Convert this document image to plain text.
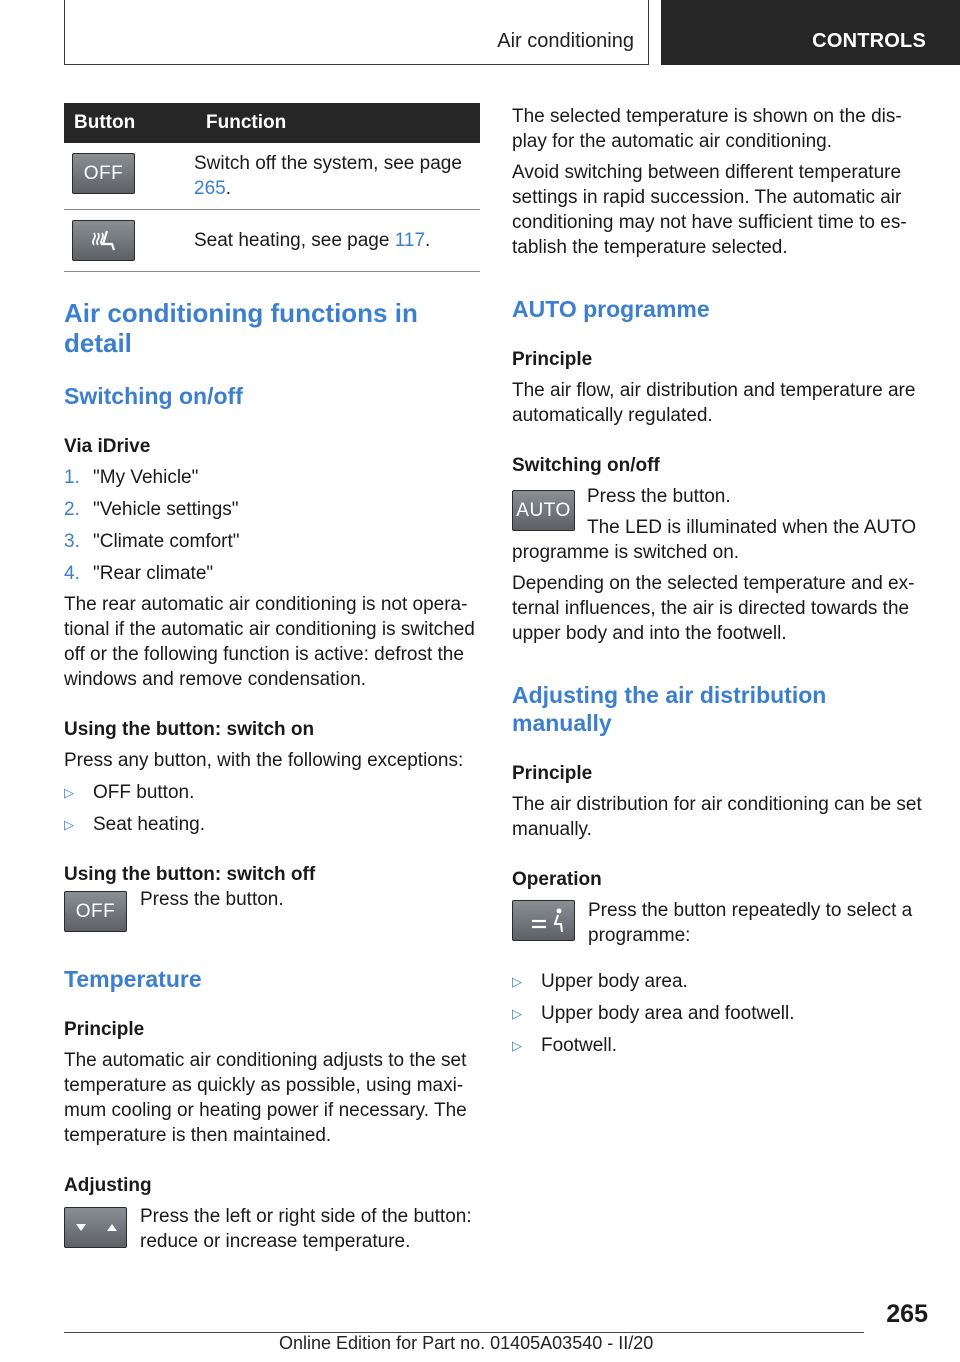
Air conditioning	CONTROLS
Button	Function

OFF	Switch off the system, see page 265.

	Seat heating, see page 117.
Air conditioning functions in detail
Switching on/off
Via iDrive
1. "My Vehicle"
2. "Vehicle settings"
3. "Climate comfort"
4. "Rear climate"

The rear automatic air conditioning is not operational if the automatic air conditioning is switched off or the following function is active: defrost the windows and remove condensation.

Using the button: switch on

Press any button, with the following exceptions:

▷	OFF button.
▷	Seat heating.
Using the button: switch off
OFF

Press the button.

Temperature
Principle

The automatic air conditioning adjusts to the set temperature as quickly as possible, using maximum cooling or heating power if necessary. The temperature is then maintained.

Adjusting

Press the left or right side of the button: reduce or increase temperature.

The selected temperature is shown on the display for the automatic air conditioning.

Avoid switching between different temperature settings in rapid succession. The automatic air conditioning may not have sufficient time to establish the temperature selected.

AUTO programme
Principle

The air flow, air distribution and temperature are automatically regulated.

Switching on/off
AUTO

Press the button.

The LED is illuminated when the AUTO programme is switched on.

Depending on the selected temperature and external influences, the air is directed towards the upper body and into the footwell.

Adjusting the air distribution manually
Principle

The air distribution for air conditioning can be set manually.

Operation

Press the button repeatedly to select a programme:

▷	Upper body area.
▷	Upper body area and footwell.
▷	Footwell.
265
Online Edition for Part no. 01405A03540 - II/20
